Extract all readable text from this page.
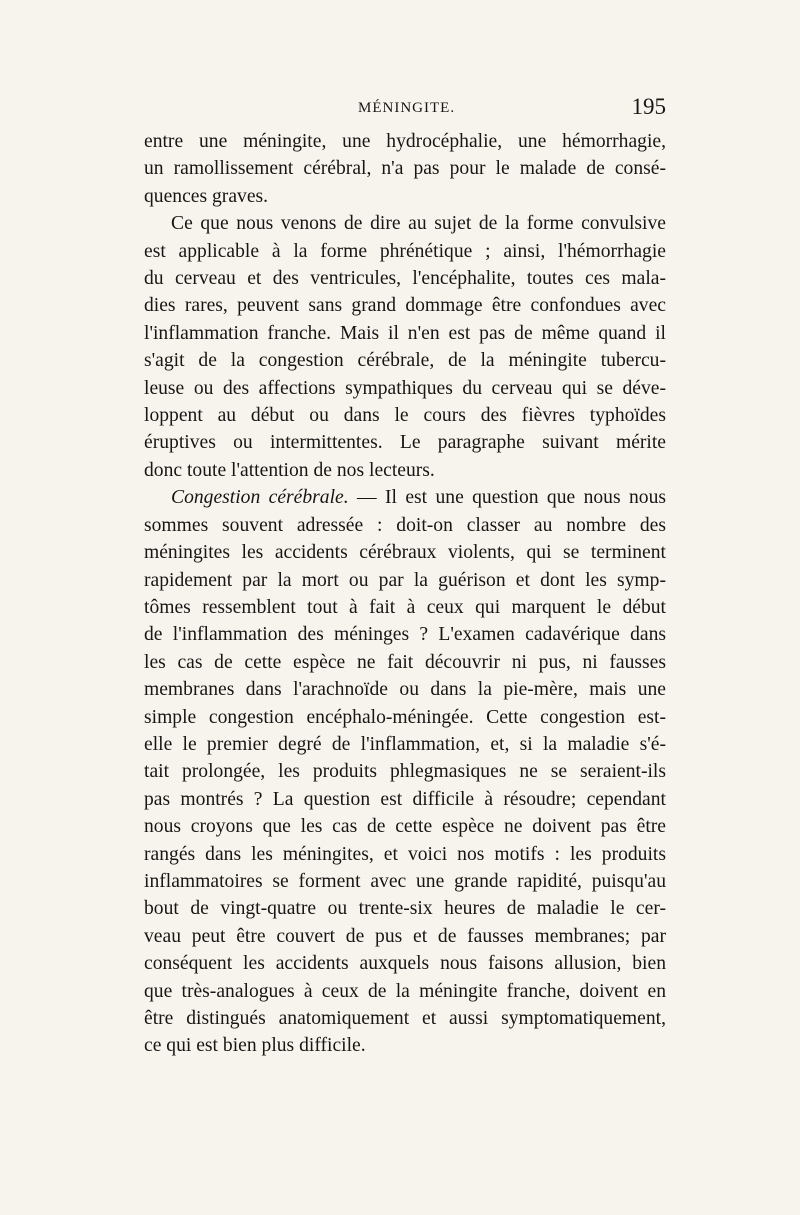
MÉNINGITE.	195
entre une méningite, une hydrocéphalie, une hémorrhagie,
un ramollissement cérébral, n'a pas pour le malade de consé-
quences graves.
Ce que nous venons de dire au sujet de la forme convulsive
est applicable à la forme phrénétique ; ainsi, l'hémorrhagie
du cerveau et des ventricules, l'encéphalite, toutes ces mala-
dies rares, peuvent sans grand dommage être confondues avec
l'inflammation franche. Mais il n'en est pas de même quand il
s'agit de la congestion cérébrale, de la méningite tubercu-
leuse ou des affections sympathiques du cerveau qui se déve-
loppent au début ou dans le cours des fièvres typhoïdes
éruptives ou intermittentes. Le paragraphe suivant mérite
donc toute l'attention de nos lecteurs.
Congestion cérébrale. — Il est une question que nous nous
sommes souvent adressée : doit-on classer au nombre des
méningites les accidents cérébraux violents, qui se terminent
rapidement par la mort ou par la guérison et dont les symp-
tômes ressemblent tout à fait à ceux qui marquent le début
de l'inflammation des méninges ? L'examen cadavérique dans
les cas de cette espèce ne fait découvrir ni pus, ni fausses
membranes dans l'arachnoïde ou dans la pie-mère, mais une
simple congestion encéphalo-méningée. Cette congestion est-
elle le premier degré de l'inflammation, et, si la maladie s'é-
tait prolongée, les produits phlegmasiques ne se seraient-ils
pas montrés ? La question est difficile à résoudre; cependant
nous croyons que les cas de cette espèce ne doivent pas être
rangés dans les méningites, et voici nos motifs : les produits
inflammatoires se forment avec une grande rapidité, puisqu'au
bout de vingt-quatre ou trente-six heures de maladie le cer-
veau peut être couvert de pus et de fausses membranes; par
conséquent les accidents auxquels nous faisons allusion, bien
que très-analogues à ceux de la méningite franche, doivent en
être distingués anatomiquement et aussi symptomatiquement,
ce qui est bien plus difficile.
